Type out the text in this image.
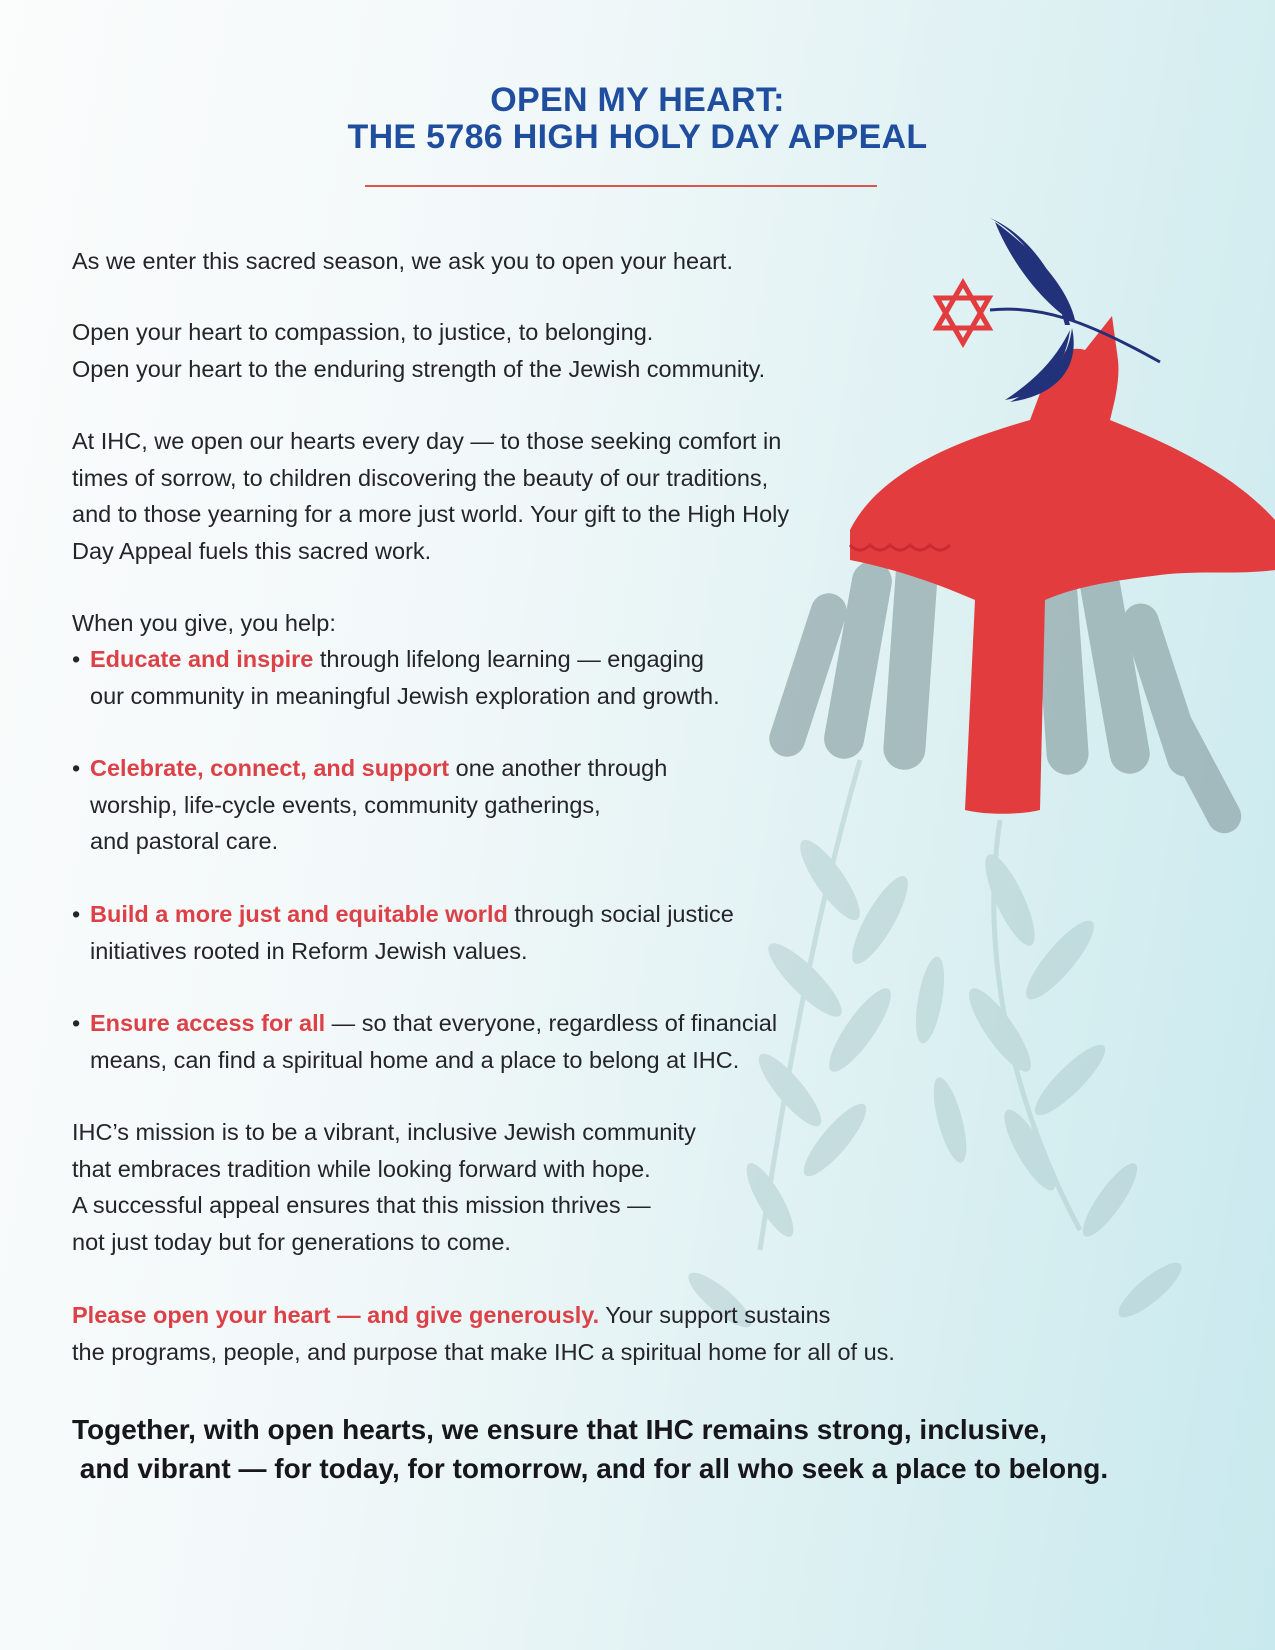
OPEN MY HEART:
THE 5786 HIGH HOLY DAY APPEAL

As we enter this sacred season, we ask you to open your heart.

Open your heart to compassion, to justice, to belonging.

Open your heart to the enduring strength of the Jewish community.

At IHC, we open our hearts every day — to those seeking comfort in

times of sorrow, to children discovering the beauty of our traditions,

and to those yearning for a more just world. Your gift to the High Holy

Day Appeal fuels this sacred work.

When you give, you help:

• Educate and inspire through lifelong learning — engaging

our community in meaningful Jewish exploration and growth.

• Celebrate, connect, and support one another through

worship, life-cycle events, community gatherings,

and pastoral care.

• Build a more just and equitable world through social justice

initiatives rooted in Reform Jewish values.

• Ensure access for all — so that everyone, regardless of financial

means, can find a spiritual home and a place to belong at IHC.

IHC’s mission is to be a vibrant, inclusive Jewish community

that embraces tradition while looking forward with hope.

A successful appeal ensures that this mission thrives —

not just today but for generations to come.

Please open your heart — and give generously. Your support sustains

the programs, people, and purpose that make IHC a spiritual home for all of us.

Together, with open hearts, we ensure that IHC remains strong, inclusive,
and vibrant — for today, for tomorrow, and for all who seek a place to belong.
